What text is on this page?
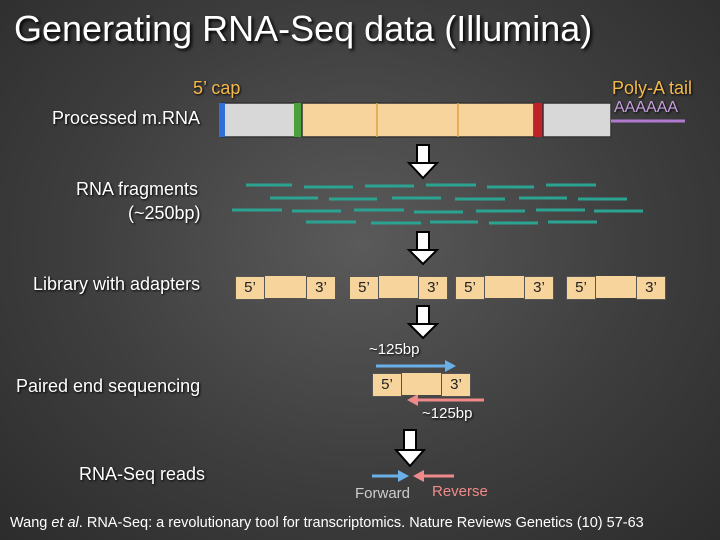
Generating RNA-Seq data (Illumina)
5’ cap	Poly-A tail
AAAAAA
Processed m.RNA
RNA fragments
(~250bp)
Library with adapters
Paired end sequencing
RNA-Seq reads
5’	3’	5’	3’	5’	3’	5’	3’
~125bp
5’	3’
~125bp
Forward Reverse
Wang et al. RNA-Seq: a revolutionary tool for transcriptomics. Nature Reviews Genetics (10) 57-63
